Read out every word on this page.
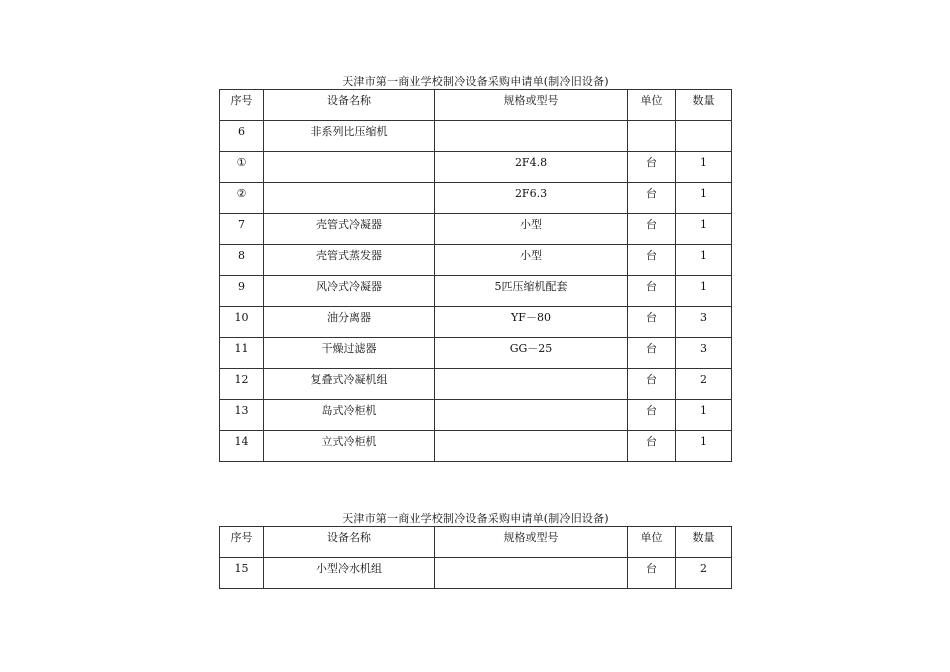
天津市第一商业学校制冷设备采购申请单(制冷旧设备)
序号	设备名称	规格或型号	单位	数量
6	非系列比压缩机			
①		2F4.8	台	1
②		2F6.3	台	1
7	壳管式冷凝器	小型	台	1
8	壳管式蒸发器	小型	台	1
9	风冷式冷凝器	5匹压缩机配套	台	1
10	油分离器	YF－80	台	3
11	干燥过滤器	GG－25	台	3
12	复叠式冷凝机组		台	2
13	岛式冷柜机		台	1
14	立式冷柜机		台	1
天津市第一商业学校制冷设备采购申请单(制冷旧设备)
序号	设备名称	规格或型号	单位	数量
15	小型冷水机组		台	2
